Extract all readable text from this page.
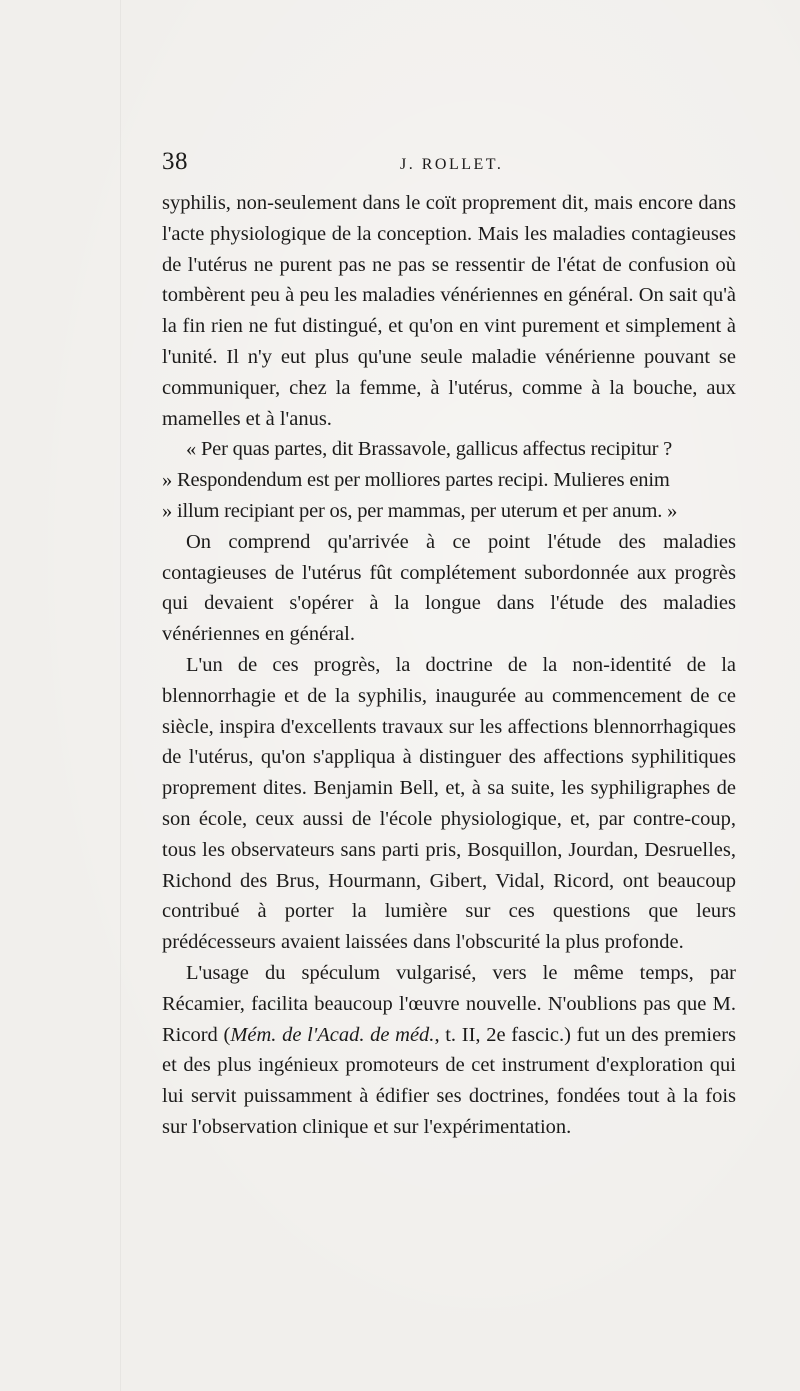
38	J. ROLLET.

syphilis, non-seulement dans le coït proprement dit, mais encore dans l'acte physiologique de la conception. Mais les maladies contagieuses de l'utérus ne purent pas ne pas se ressentir de l'état de confusion où tombèrent peu à peu les maladies vénériennes en général. On sait qu'à la fin rien ne fut distingué, et qu'on en vint purement et simplement à l'unité. Il n'y eut plus qu'une seule maladie vénérienne pouvant se communiquer, chez la femme, à l'utérus, comme à la bouche, aux mamelles et à l'anus.

« Per quas partes, dit Brassavole, gallicus affectus recipitur ?

» Respondendum est per molliores partes recipi. Mulieres enim

» illum recipiant per os, per mammas, per uterum et per anum. »

On comprend qu'arrivée à ce point l'étude des maladies contagieuses de l'utérus fût complétement subordonnée aux progrès qui devaient s'opérer à la longue dans l'étude des maladies vénériennes en général.

L'un de ces progrès, la doctrine de la non-identité de la blennorrhagie et de la syphilis, inaugurée au commencement de ce siècle, inspira d'excellents travaux sur les affections blennorrhagiques de l'utérus, qu'on s'appliqua à distinguer des affections syphilitiques proprement dites. Benjamin Bell, et, à sa suite, les syphiligraphes de son école, ceux aussi de l'école physiologique, et, par contre-coup, tous les observateurs sans parti pris, Bosquillon, Jourdan, Desruelles, Richond des Brus, Hourmann, Gibert, Vidal, Ricord, ont beaucoup contribué à porter la lumière sur ces questions que leurs prédécesseurs avaient laissées dans l'obscurité la plus profonde.

L'usage du spéculum vulgarisé, vers le même temps, par Récamier, facilita beaucoup l'œuvre nouvelle. N'oublions pas que M. Ricord (Mém. de l'Acad. de méd., t. II, 2e fascic.) fut un des premiers et des plus ingénieux promoteurs de cet instrument d'exploration qui lui servit puissamment à édifier ses doctrines, fondées tout à la fois sur l'observation clinique et sur l'expérimentation.
